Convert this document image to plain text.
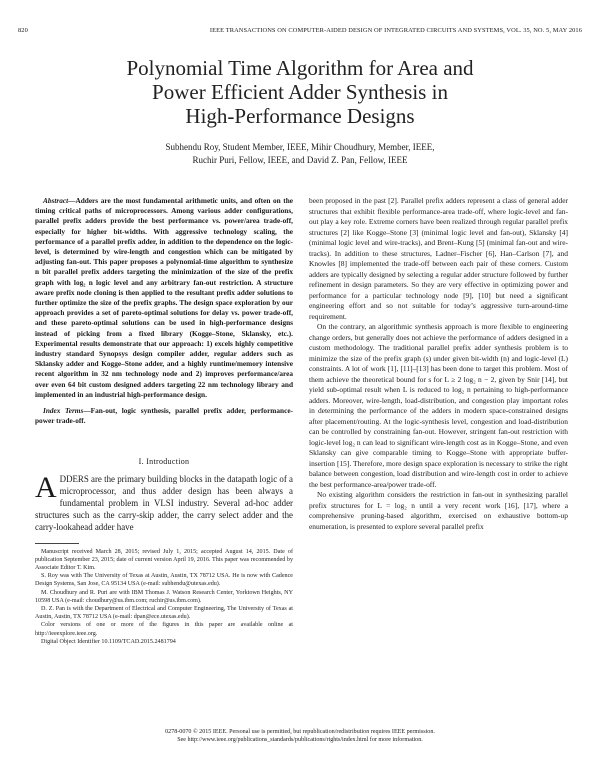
820	IEEE TRANSACTIONS ON COMPUTER-AIDED DESIGN OF INTEGRATED CIRCUITS AND SYSTEMS, VOL. 35, NO. 5, MAY 2016
Polynomial Time Algorithm for Area and
Power Efficient Adder Synthesis in
High-Performance Designs
Subhendu Roy, Student Member, IEEE, Mihir Choudhury, Member, IEEE,
Ruchir Puri, Fellow, IEEE, and David Z. Pan, Fellow, IEEE

Abstract—Adders are the most fundamental arithmetic units, and often on the timing critical paths of microprocessors. Among various adder configurations, parallel prefix adders provide the best performance vs. power/area trade-off, especially for higher bit-widths. With aggressive technology scaling, the performance of a parallel prefix adder, in addition to the dependence on the logic-level, is determined by wire-length and congestion which can be mitigated by adjusting fan-out. This paper proposes a polynomial-time algorithm to synthesize n bit parallel prefix adders targeting the minimization of the size of the prefix graph with log₂ n logic level and any arbitrary fan-out restriction. A structure aware prefix node cloning is then applied to the resultant prefix adder solutions to further optimize the size of the prefix graphs. The design space exploration by our approach provides a set of pareto-optimal solutions for delay vs. power trade-off, and these pareto-optimal solutions can be used in high-performance designs instead of picking from a fixed library (Kogge–Stone, Sklansky, etc.). Experimental results demonstrate that our approach: 1) excels highly competitive industry standard Synopsys design compiler adder, regular adders such as Sklansky adder and Kogge–Stone adder, and a highly runtime/memory intensive recent algorithm in 32 nm technology node and 2) improves performance/area over even 64 bit custom designed adders targeting 22 nm technology library and implemented in an industrial high-performance design.

Index Terms—Fan-out, logic synthesis, parallel prefix adder, performance-power trade-off.

I. Introduction

ADDERS are the primary building blocks in the datapath logic of a microprocessor, and thus adder design has been always a fundamental problem in VLSI industry. Several ad-hoc adder structures such as the carry-skip adder, the carry select adder and the carry-lookahead adder have

Manuscript received March 28, 2015; revised July 1, 2015; accepted August 14, 2015. Date of publication September 23, 2015; date of current version April 19, 2016. This paper was recommended by Associate Editor T. Kim.

S. Roy was with The University of Texas at Austin, Austin, TX 78712 USA. He is now with Cadence Design Systems, San Jose, CA 95134 USA (e-mail: subhendu@utexas.edu).

M. Choudhury and R. Puri are with IBM Thomas J. Watson Research Center, Yorktown Heights, NY 10598 USA (e-mail: choudhury@us.ibm.com; ruchir@us.ibm.com).

D. Z. Pan is with the Department of Electrical and Computer Engineering, The University of Texas at Austin, Austin, TX 78712 USA (e-mail: dpan@ece.utexas.edu).

Color versions of one or more of the figures in this paper are available online at http://ieeexplore.ieee.org.

Digital Object Identifier 10.1109/TCAD.2015.2481794

been proposed in the past [2]. Parallel prefix adders represent a class of general adder structures that exhibit flexible performance-area trade-off, where logic-level and fan-out play a key role. Extreme corners have been realized through regular parallel prefix structures [2] like Kogge–Stone [3] (minimal logic level and fan-out), Sklansky [4] (minimal logic level and wire-tracks), and Brent–Kung [5] (minimal fan-out and wire-tracks). In addition to these structures, Ladner–Fischer [6], Han–Carlson [7], and Knowles [8] implemented the trade-off between each pair of these corners. Custom adders are typically designed by selecting a regular adder structure followed by further refinement in design parameters. So they are very effective in optimizing power and performance for a particular technology node [9], [10] but need a significant engineering effort and so not suitable for today’s aggressive turn-around-time requirement.

On the contrary, an algorithmic synthesis approach is more flexible to engineering change orders, but generally does not achieve the performance of adders designed in a custom methodology. The traditional parallel prefix adder synthesis problem is to minimize the size of the prefix graph (s) under given bit-width (n) and logic-level (L) constraints. A lot of work [1], [11]–[13] has been done to target this problem. Most of them achieve the theoretical bound for s for L ≥ 2 log₂ n − 2, given by Snir [14], but yield sub-optimal result when L is reduced to log₂ n pertaining to high-performance adders. Moreover, wire-length, load-distribution, and congestion play important roles in determining the performance of the adders in modern space-constrained designs after placement/routing. At the logic-synthesis level, congestion and load-distribution can be controlled by constraining fan-out. However, stringent fan-out restriction with logic-level log₂ n can lead to significant wire-length cost as in Kogge–Stone, and even Sklansky can give comparable timing to Kogge–Stone with appropriate buffer-insertion [15]. Therefore, more design space exploration is necessary to strike the right balance between congestion, load distribution and wire-length cost in order to achieve the best performance-area/power trade-off.

No existing algorithm considers the restriction in fan-out in synthesizing parallel prefix structures for L = log₂ n until a very recent work [16], [17], where a comprehensive pruning-based algorithm, exercised on exhaustive bottom-up enumeration, is presented to explore several parallel prefix

0278-0070 © 2015 IEEE. Personal use is permitted, but republication/redistribution requires IEEE permission.
See http://www.ieee.org/publications_standards/publications/rights/index.html for more information.
